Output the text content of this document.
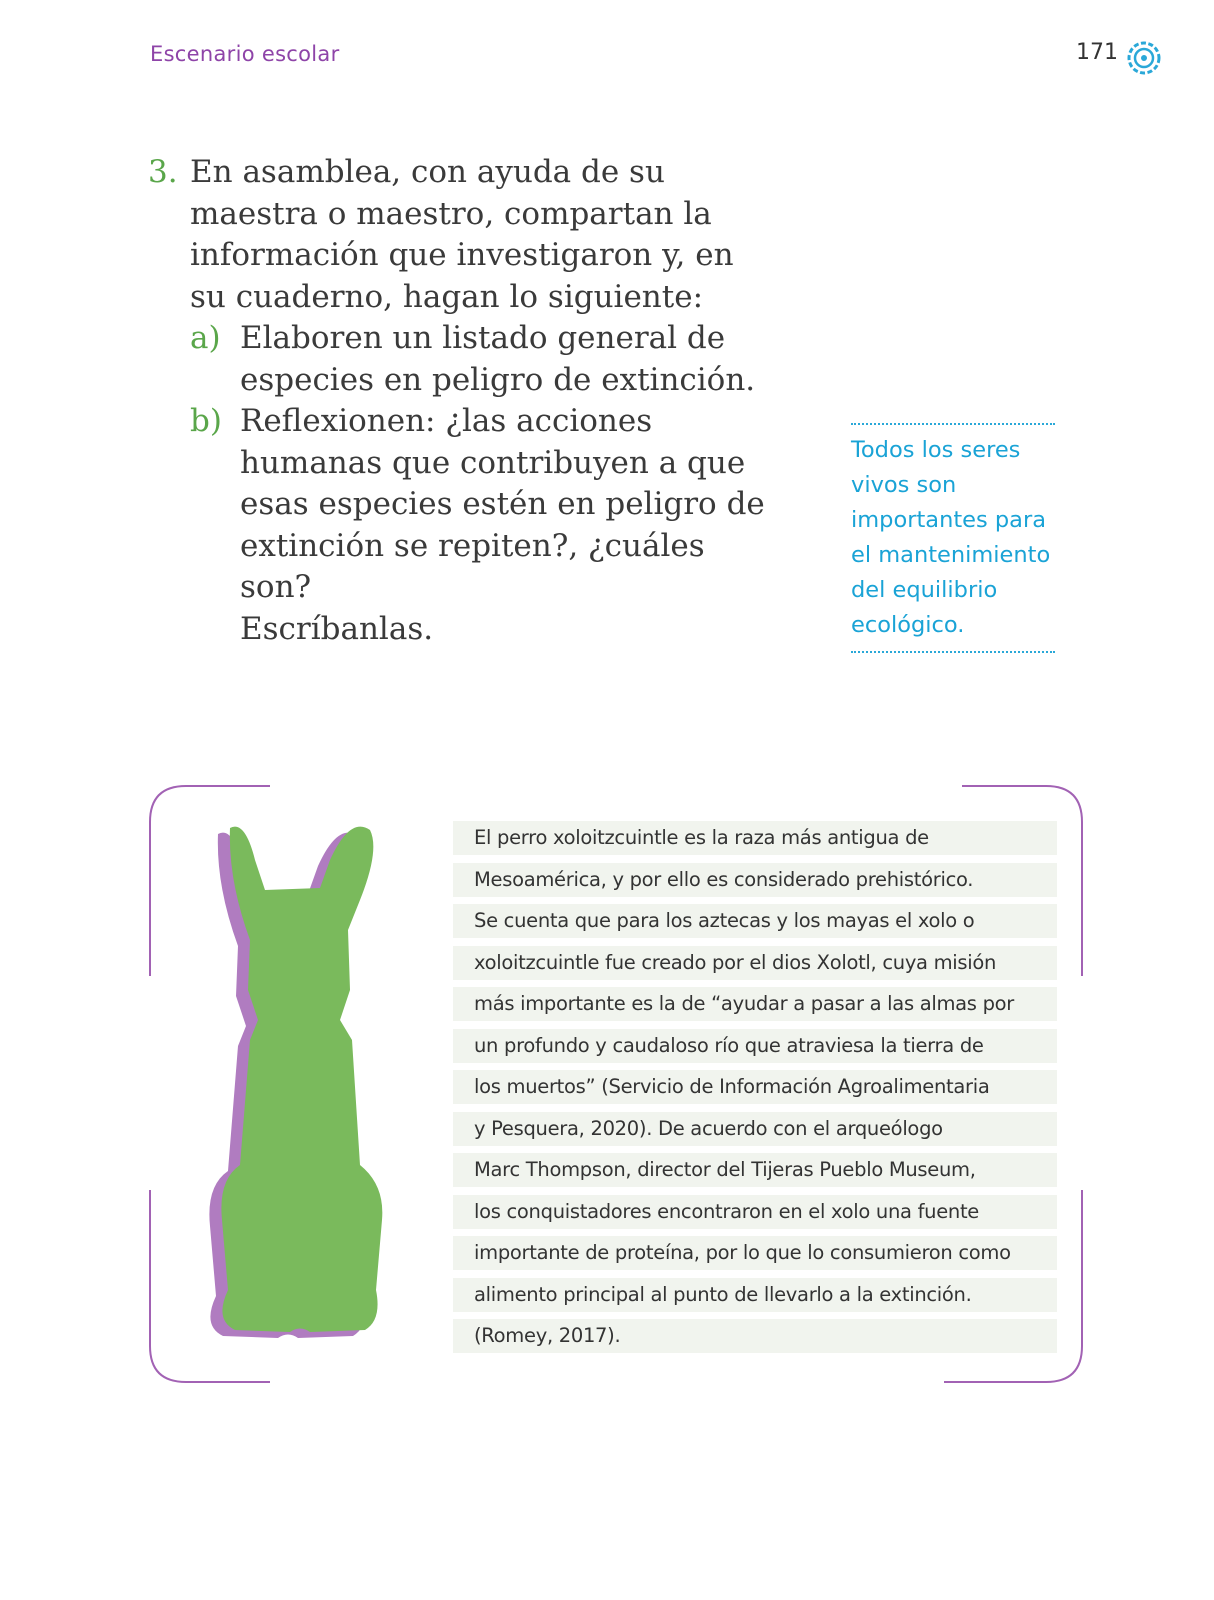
Escenario escolar	171
3. En asamblea, con ayuda de su
maestra o maestro, compartan la
información que investigaron y, en
su cuaderno, hagan lo siguiente:
a) Elaboren un listado general de
especies en peligro de extinción.
b) Reflexionen: ¿las acciones
humanas que contribuyen a que
esas especies estén en peligro de
extinción se repiten?, ¿cuáles son?
Escríbanlas.
Todos los seres
vivos son
importantes para
el mantenimiento
del equilibrio
ecológico.
El perro xoloitzcuintle es la raza más antigua de
Mesoamérica, y por ello es considerado prehistórico.
Se cuenta que para los aztecas y los mayas el xolo o
xoloitzcuintle fue creado por el dios Xolotl, cuya misión
más importante es la de “ayudar a pasar a las almas por
un profundo y caudaloso río que atraviesa la tierra de
los muertos” (Servicio de Información Agroalimentaria
y Pesquera, 2020). De acuerdo con el arqueólogo
Marc Thompson, director del Tijeras Pueblo Museum,
los conquistadores encontraron en el xolo una fuente
importante de proteína, por lo que lo consumieron como
alimento principal al punto de llevarlo a la extinción.
(Romey, 2017).
